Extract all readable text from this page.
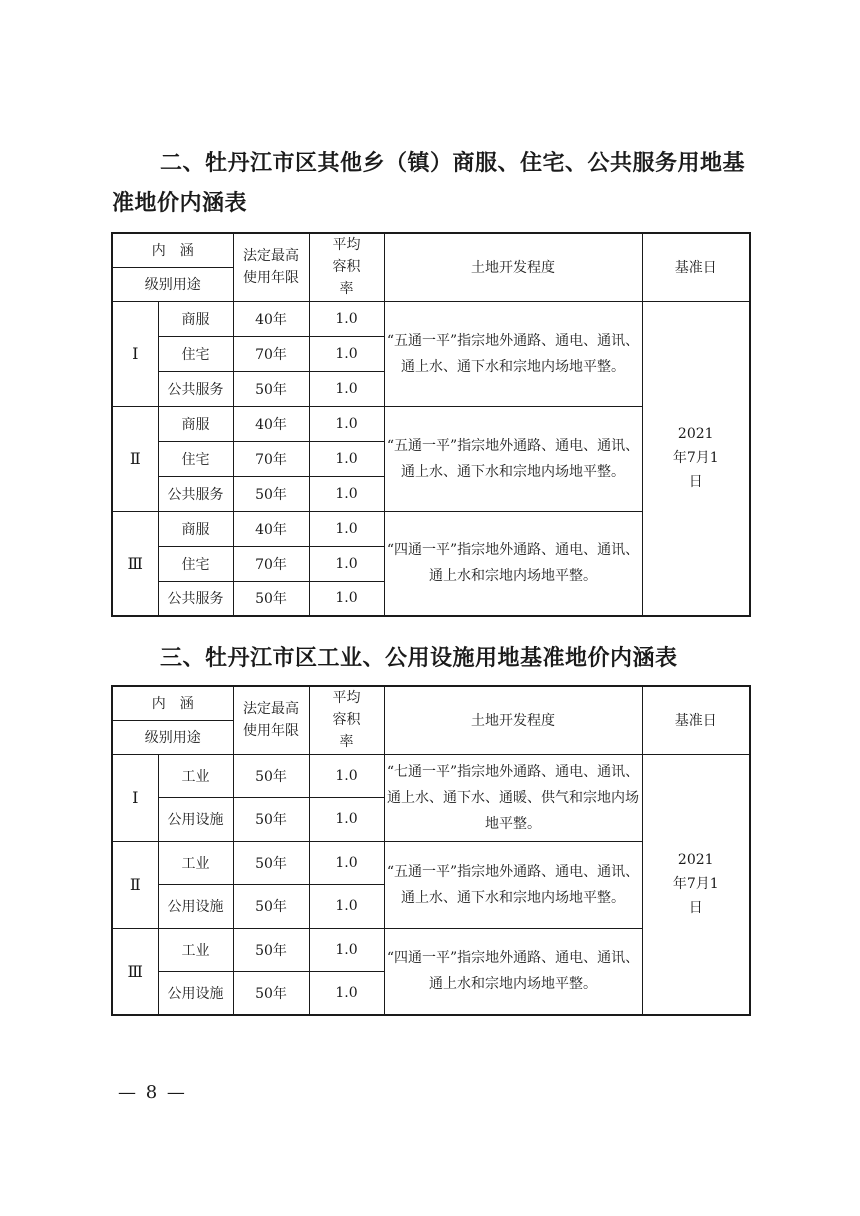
二、牡丹江市区其他乡（镇）商服、住宅、公共服务用地基
准地价内涵表
内　涵		法定最高使用年限	平均容积率	土地开发程度	基准日
级别用途					
Ⅰ	商服	40年	1.0	“五通一平”指宗地外通路、通电、通讯、通上水、通下水和宗地内场地平整。	2021年7月1日
	住宅	70年	1.0		
	公共服务	50年	1.0		
Ⅱ	商服	40年	1.0	“五通一平”指宗地外通路、通电、通讯、通上水、通下水和宗地内场地平整。	
	住宅	70年	1.0		
	公共服务	50年	1.0		
Ⅲ	商服	40年	1.0	“四通一平”指宗地外通路、通电、通讯、通上水和宗地内场地平整。	
	住宅	70年	1.0		
	公共服务	50年	1.0		
三、牡丹江市区工业、公用设施用地基准地价内涵表
内　涵		法定最高使用年限	平均容积率	土地开发程度	基准日
级别用途					
Ⅰ	工业	50年	1.0	“七通一平”指宗地外通路、通电、通讯、通上水、通下水、通暖、供气和宗地内场地平整。	2021年7月1日
	公用设施	50年	1.0		
Ⅱ	工业	50年	1.0	“五通一平”指宗地外通路、通电、通讯、通上水、通下水和宗地内场地平整。	
	公用设施	50年	1.0		
Ⅲ	工业	50年	1.0	“四通一平”指宗地外通路、通电、通讯、通上水和宗地内场地平整。	
	公用设施	50年	1.0		
— 8 —
